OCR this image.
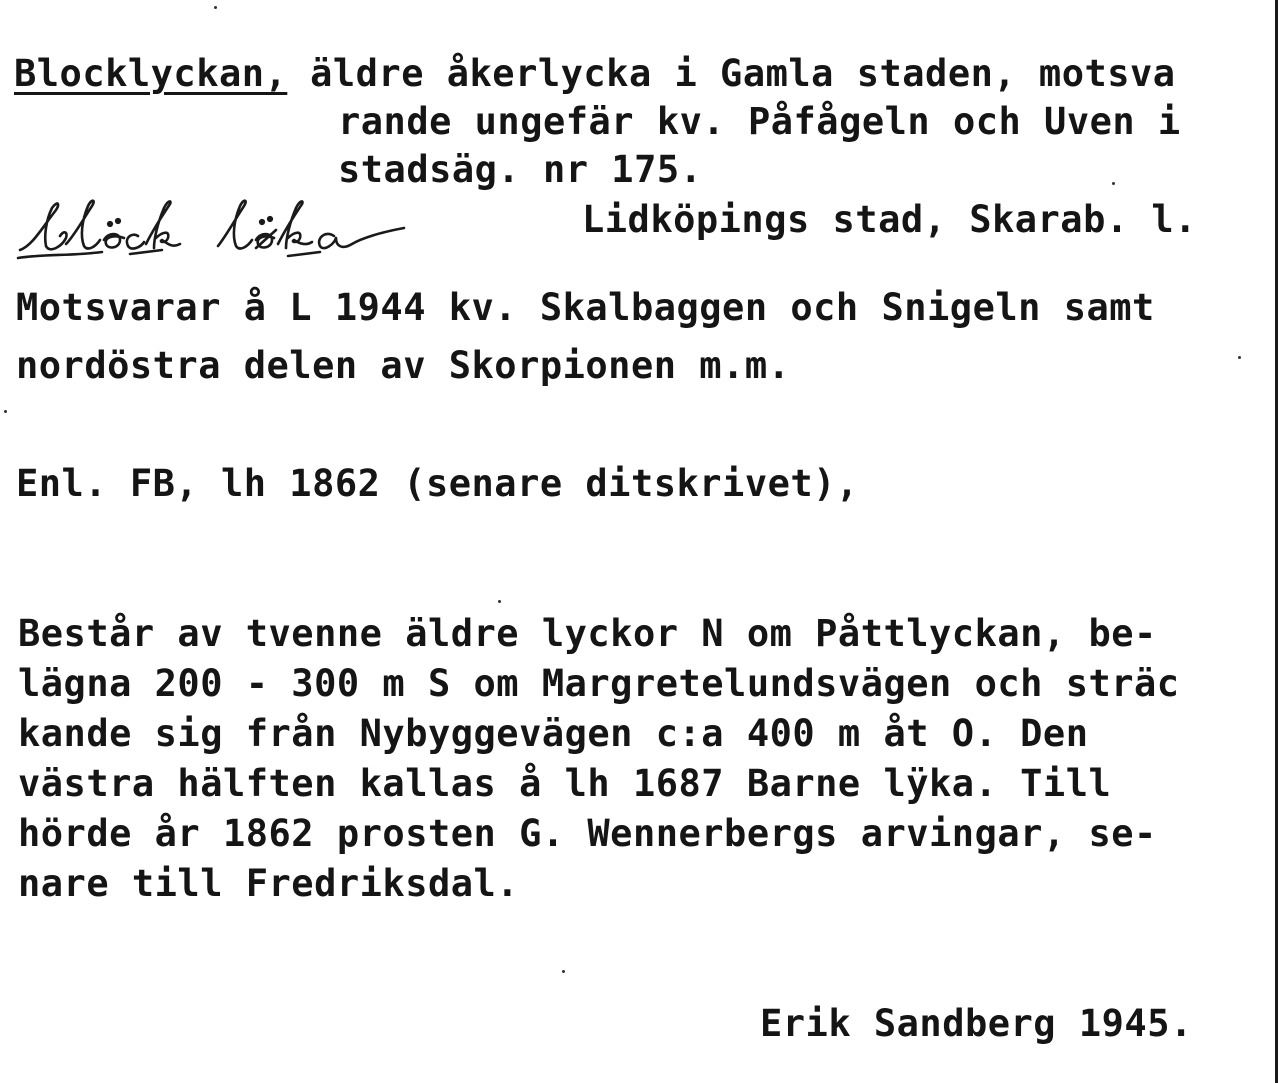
Blocklyckan, äldre åkerlycka i Gamla staden, motsva
rande ungefär kv. Påfågeln och Uven i
stadsäg. nr 175.
Lidköpings stad, Skarab. l.
Motsvarar å L 1944 kv. Skalbaggen och Snigeln samt
nordöstra delen av Skorpionen m.m.
Enl. FB, lh 1862 (senare ditskrivet),
Består av tvenne äldre lyckor N om Påttlyckan, be-
lägna 200 - 300 m S om Margretelundsvägen och sträc
kande sig från Nybyggevägen c:a 400 m åt O. Den
västra hälften kallas å lh 1687 Barne lÿka. Till
hörde år 1862 prosten G. Wennerbergs arvingar, se-
nare till Fredriksdal.
Erik Sandberg 1945.
